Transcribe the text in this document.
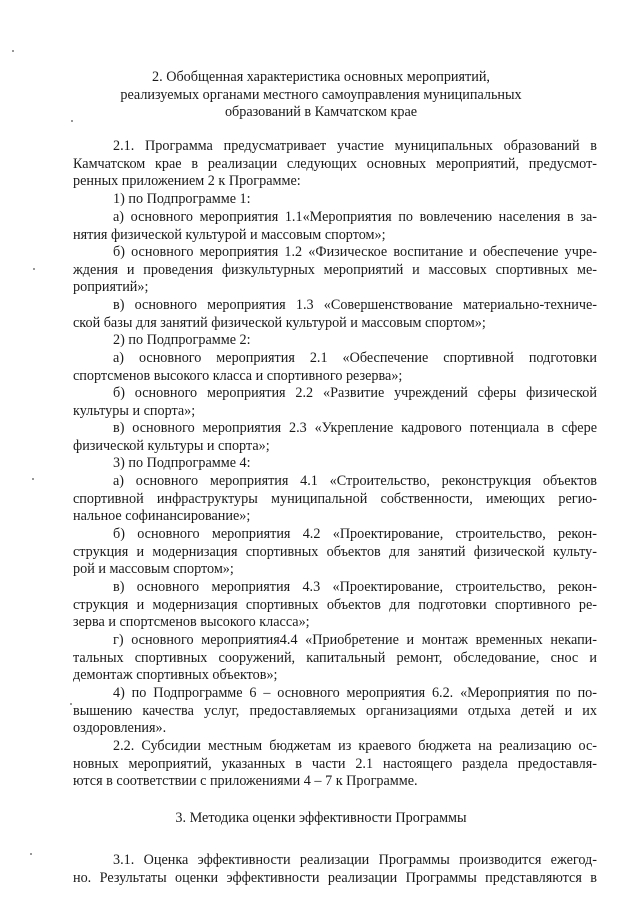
2. Обобщенная характеристика основных мероприятий,
реализуемых органами местного самоуправления муниципальных
образований в Камчатском крае
2.1. Программа предусматривает участие муниципальных образований в
Камчатском крае в реализации следующих основных мероприятий, предусмот-
ренных приложением 2 к Программе:
1) по Подпрограмме 1:
а) основного мероприятия 1.1«Мероприятия по вовлечению населения в за-
нятия физической культурой и массовым спортом»;
б) основного мероприятия 1.2 «Физическое воспитание и обеспечение учре-
ждения и проведения физкультурных мероприятий и массовых спортивных ме-
роприятий»;
в) основного мероприятия 1.3 «Совершенствование материально-техниче-
ской базы для занятий физической культурой и массовым спортом»;
2) по Подпрограмме 2:
а) основного мероприятия 2.1 «Обеспечение спортивной подготовки
спортсменов высокого класса и спортивного резерва»;
б) основного мероприятия 2.2 «Развитие учреждений сферы физической
культуры и спорта»;
в) основного мероприятия 2.3 «Укрепление кадрового потенциала в сфере
физической культуры и спорта»;
3) по Подпрограмме 4:
а) основного мероприятия 4.1 «Строительство, реконструкция объектов
спортивной инфраструктуры муниципальной собственности, имеющих регио-
нальное софинансирование»;
б) основного мероприятия 4.2 «Проектирование, строительство, рекон-
струкция и модернизация спортивных объектов для занятий физической культу-
рой и массовым спортом»;
в) основного мероприятия 4.3 «Проектирование, строительство, рекон-
струкция и модернизация спортивных объектов для подготовки спортивного ре-
зерва и спортсменов высокого класса»;
г) основного мероприятия4.4 «Приобретение и монтаж временных некапи-
тальных спортивных сооружений, капитальный ремонт, обследование, снос и
демонтаж спортивных объектов»;
4) по Подпрограмме 6 – основного мероприятия 6.2. «Мероприятия по по-
вышению качества услуг, предоставляемых организациями отдыха детей и их
оздоровления».
2.2. Субсидии местным бюджетам из краевого бюджета на реализацию ос-
новных мероприятий, указанных в части 2.1 настоящего раздела предоставля-
ются в соответствии с приложениями 4 – 7 к Программе.
3. Методика оценки эффективности Программы
3.1. Оценка эффективности реализации Программы производится ежегод-
но. Результаты оценки эффективности реализации Программы представляются в
